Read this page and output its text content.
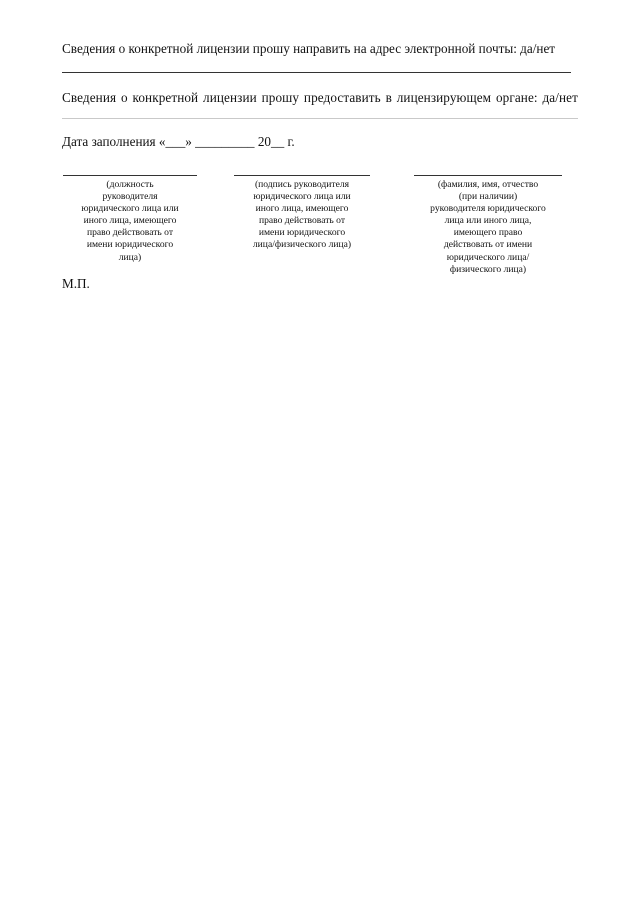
Сведения о конкретной лицензии прошу направить на адрес электронной почты: да/нет
Сведения о конкретной лицензии прошу предоставить в лицензирующем органе: да/нет
Дата заполнения «___» _________ 20__ г.
(должность
руководителя
юридического лица или
иного лица, имеющего
право действовать от
имени юридического
лица)
(подпись руководителя
юридического лица или
иного лица, имеющего
право действовать от
имени юридического
лица/физического лица)
(фамилия, имя, отчество
(при наличии)
руководителя юридического
лица или иного лица,
имеющего право
действовать от имени
юридического лица/
физического лица)
М.П.
